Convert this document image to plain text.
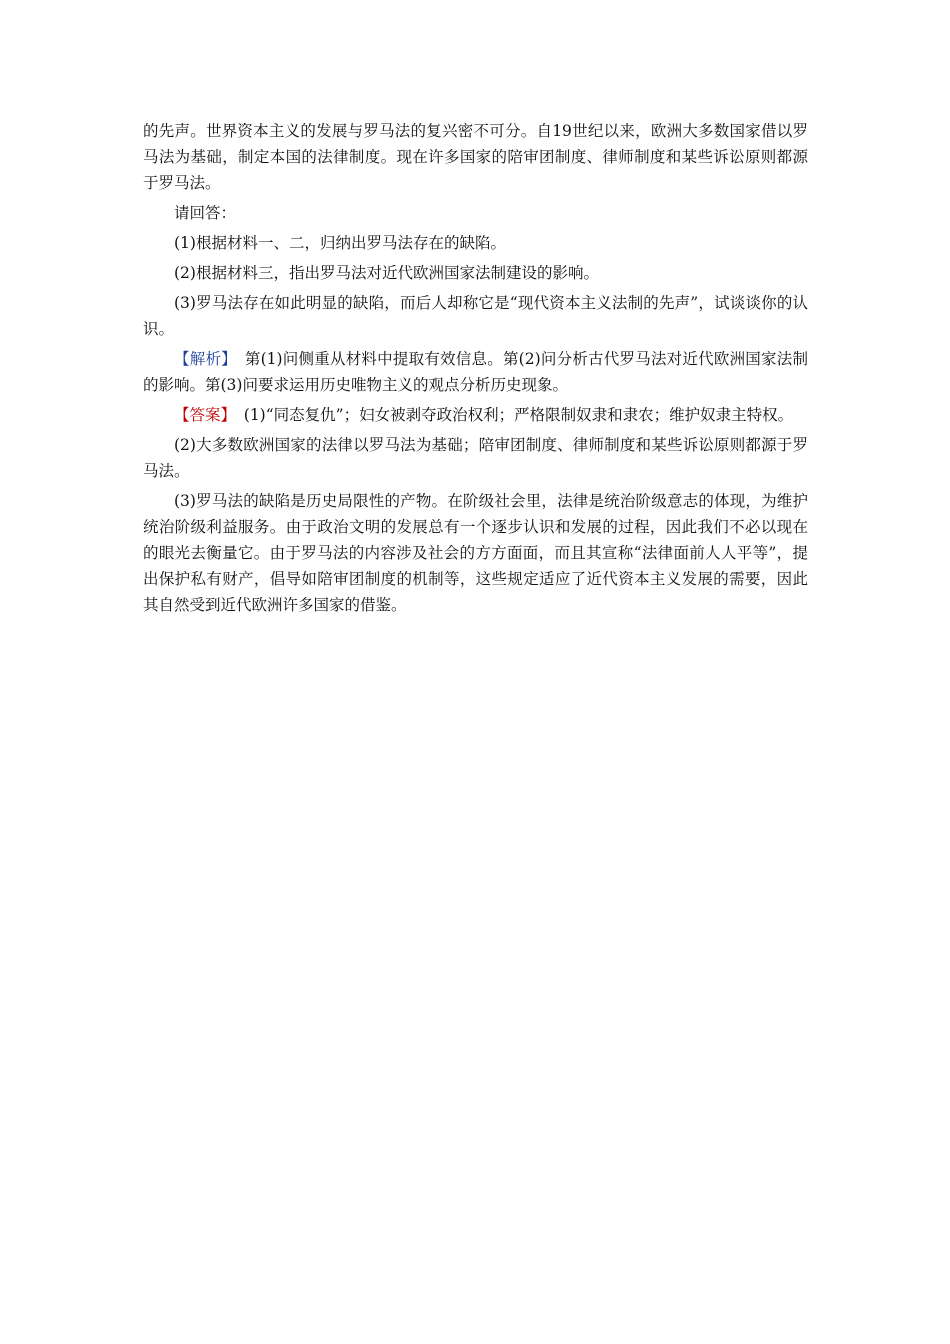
的先声。世界资本主义的发展与罗马法的复兴密不可分。自19世纪以来，欧洲大多数国家借以罗马法为基础，制定本国的法律制度。现在许多国家的陪审团制度、律师制度和某些诉讼原则都源于罗马法。

请回答：

(1)根据材料一、二，归纳出罗马法存在的缺陷。

(2)根据材料三，指出罗马法对近代欧洲国家法制建设的影响。

(3)罗马法存在如此明显的缺陷，而后人却称它是“现代资本主义法制的先声”，试谈谈你的认识。

【解析】　第(1)问侧重从材料中提取有效信息。第(2)问分析古代罗马法对近代欧洲国家法制的影响。第(3)问要求运用历史唯物主义的观点分析历史现象。

【答案】　(1)“同态复仇”；妇女被剥夺政治权利；严格限制奴隶和隶农；维护奴隶主特权。

(2)大多数欧洲国家的法律以罗马法为基础；陪审团制度、律师制度和某些诉讼原则都源于罗马法。

(3)罗马法的缺陷是历史局限性的产物。在阶级社会里，法律是统治阶级意志的体现，为维护统治阶级利益服务。由于政治文明的发展总有一个逐步认识和发展的过程，因此我们不必以现在的眼光去衡量它。由于罗马法的内容涉及社会的方方面面，而且其宣称“法律面前人人平等”，提出保护私有财产，倡导如陪审团制度的机制等，这些规定适应了近代资本主义发展的需要，因此其自然受到近代欧洲许多国家的借鉴。
